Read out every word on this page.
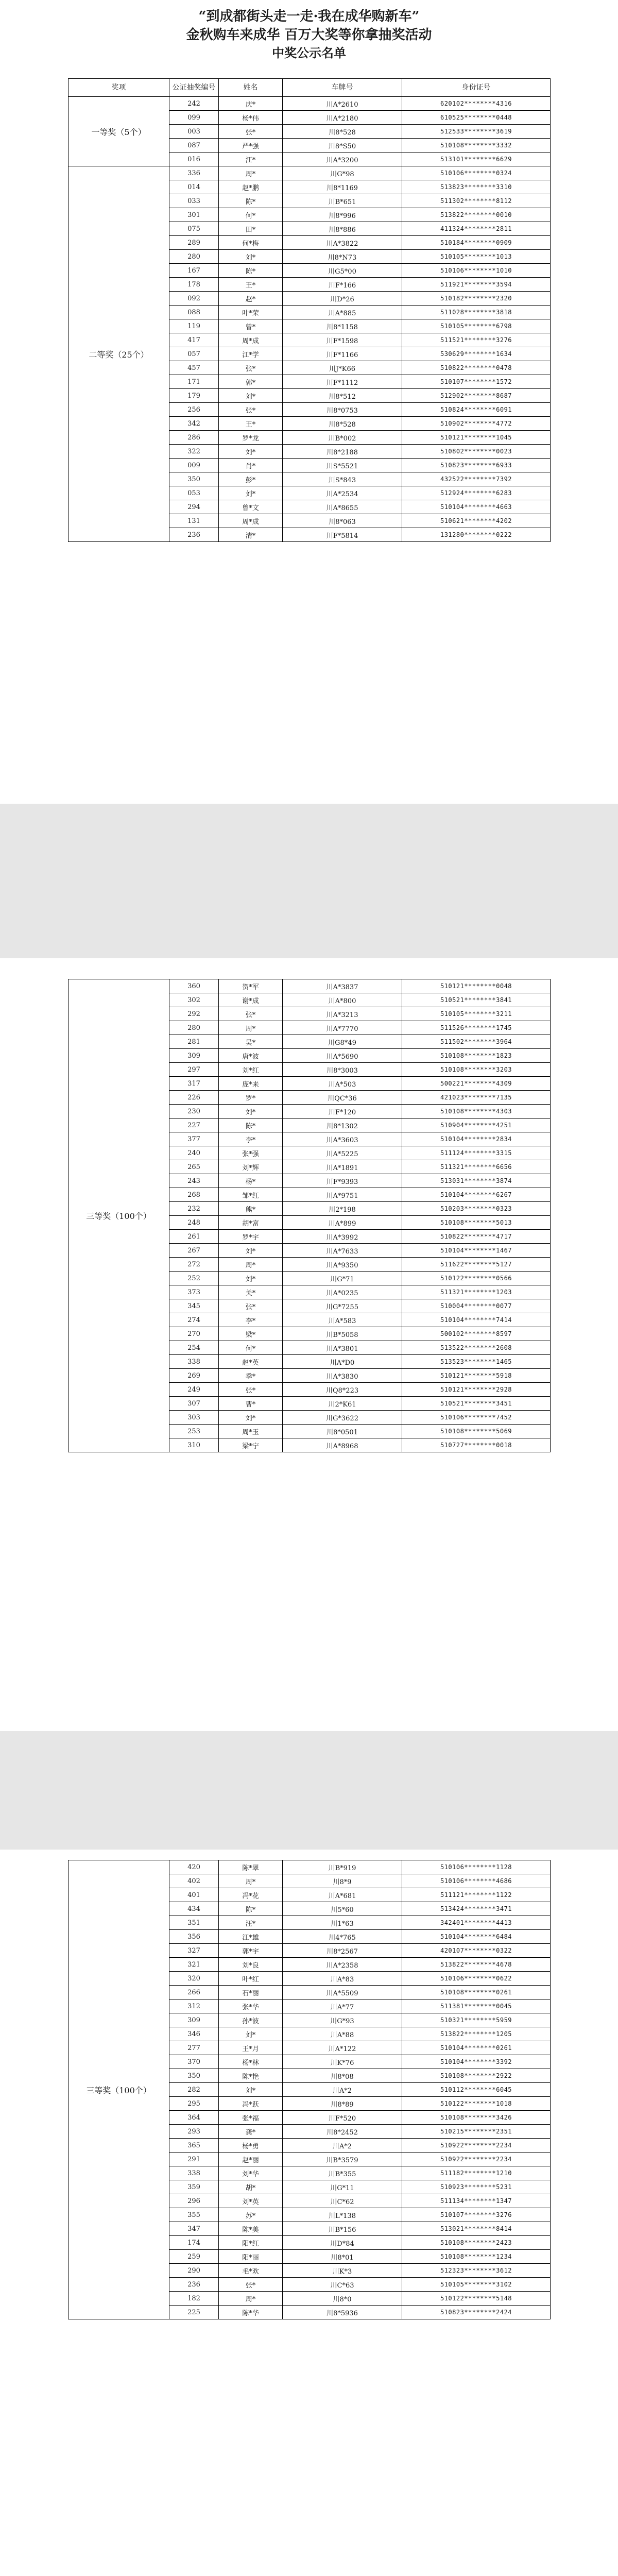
“到成都街头走一走·我在成华购新车”

金秋购车来成华 百万大奖等你拿抽奖活动

中奖公示名单

奖项	公证抽奖编号	姓名	车牌号	身份证号
一等奖（5个）	242	庆*	川A*2610	620102********4316
	099	杨*伟	川A*2180	610525********0448
	003	张*	川8*528	512533********3619
	087	严*强	川8*S50	510108********3332
	016	江*	川A*3200	513101********6629
二等奖（25个）	336	周*	川G*98	510106********0324
	014	赵*鹏	川8*1169	513823********3310
	033	陈*	川B*651	511302********8112
	301	何*	川8*996	513822********0010
	075	田*	川8*886	411324********2811
	289	何*梅	川A*3822	510184********0909
	280	刘*	川8*N73	510105********1013
	167	陈*	川G5*00	510106********1010
	178	王*	川F*166	511921********3594
	092	赵*	川D*26	510182********2320
	088	叶*荣	川A*885	511028********3818
	119	曾*	川8*1158	510105********6798
	417	周*成	川F*1598	511521********3276
	057	江*学	川F*1166	530629********1634
	457	张*	川J*K66	510822********0478
	171	郭*	川F*1112	510107********1572
	179	刘*	川8*512	512902********8687
	256	张*	川8*0753	510824********6091
	342	王*	川8*528	510902********4772
	286	罗*龙	川B*002	510121********1045
	322	刘*	川8*2188	510802********0023
	009	肖*	川S*5521	510823********6933
	350	彭*	川S*843	432522********7392
	053	刘*	川A*2534	512924********6283
	294	曾*文	川A*8655	510104********4663
	131	周*成	川8*063	510621********4202
	236	清*	川F*5814	131280********0222
三等奖（100个）	360	贺*军	川A*3837	510121********0048
	302	谢*成	川A*800	510521********3841
	292	张*	川A*3213	510105********3211
	280	周*	川A*7770	511526********1745
	281	吴*	川G8*49	511502********3964
	309	唐*波	川A*5690	510108********1823
	297	刘*红	川8*3003	510108********3203
	317	庞*来	川A*503	500221********4309
	226	罗*	川QC*36	421023********7135
	230	刘*	川F*120	510108********4303
	227	陈*	川8*1302	510904********4251
	377	李*	川A*3603	510104********2834
	240	张*强	川A*5225	511124********3315
	265	刘*辉	川A*1891	511321********6656
	243	杨*	川F*9393	513031********3874
	268	邹*红	川A*9751	510104********6267
	232	熊*	川2*198	510203********0323
	248	胡*富	川A*899	510108********5013
	261	罗*宇	川A*3992	510822********4717
	267	刘*	川A*7633	510104********1467
	272	周*	川A*9350	511622********5127
	252	刘*	川G*71	510122********0566
	373	关*	川A*0235	511321********1203
	345	张*	川G*7255	510004********0077
	274	李*	川A*583	510104********7414
	270	梁*	川B*5058	500102********8597
	254	何*	川A*3801	513522********2608
	338	赵*英	川A*D0	513523********1465
	269	季*	川A*3830	510121********5918
	249	张*	川Q8*223	510121********2928
	307	曹*	川2*K61	510521********3451
	303	刘*	川G*3622	510106********7452
	253	周*玉	川8*0501	510108********5069
	310	梁*宁	川A*8968	510727********0018
三等奖（100个）	420	陈*翠	川B*919	510106********1128
	402	周*	川8*9	510106********4686
	401	冯*花	川A*681	511121********1122
	434	陈*	川5*60	513424********3471
	351	汪*	川1*63	342401********4413
	356	江*雄	川4*765	510104********6484
	327	郭*宇	川8*2567	420107********0322
	321	刘*良	川A*2358	513822********4678
	320	叶*红	川A*83	510106********0622
	266	石*丽	川A*5509	510108********0261
	312	张*华	川A*77	511381********0045
	309	孙*波	川G*93	510321********5959
	346	刘*	川A*88	513822********1205
	277	王*月	川A*122	510104********0261
	370	杨*林	川K*76	510104********3392
	350	陈*艳	川8*08	510108********2922
	282	刘*	川A*2	510112********6045
	295	冯*跃	川8*89	510122********1018
	364	张*福	川F*520	510108********3426
	293	龚*	川8*2452	510215********2351
	365	杨*勇	川A*2	510922********2234
	291	赵*丽	川B*3579	510922********2234
	338	刘*华	川B*355	511182********1210
	359	胡*	川G*11	510923********5231
	296	刘*英	川C*62	511134********1347
	355	苏*	川L*138	510107********3276
	347	陈*美	川B*156	513021********8414
	174	阳*红	川D*84	510108********2423
	259	阳*丽	川8*01	510108********1234
	290	毛*欢	川K*3	512323********3612
	236	张*	川C*63	510105********3102
	182	周*	川8*0	510122********5148
	225	陈*华	川8*5936	510823********2424
